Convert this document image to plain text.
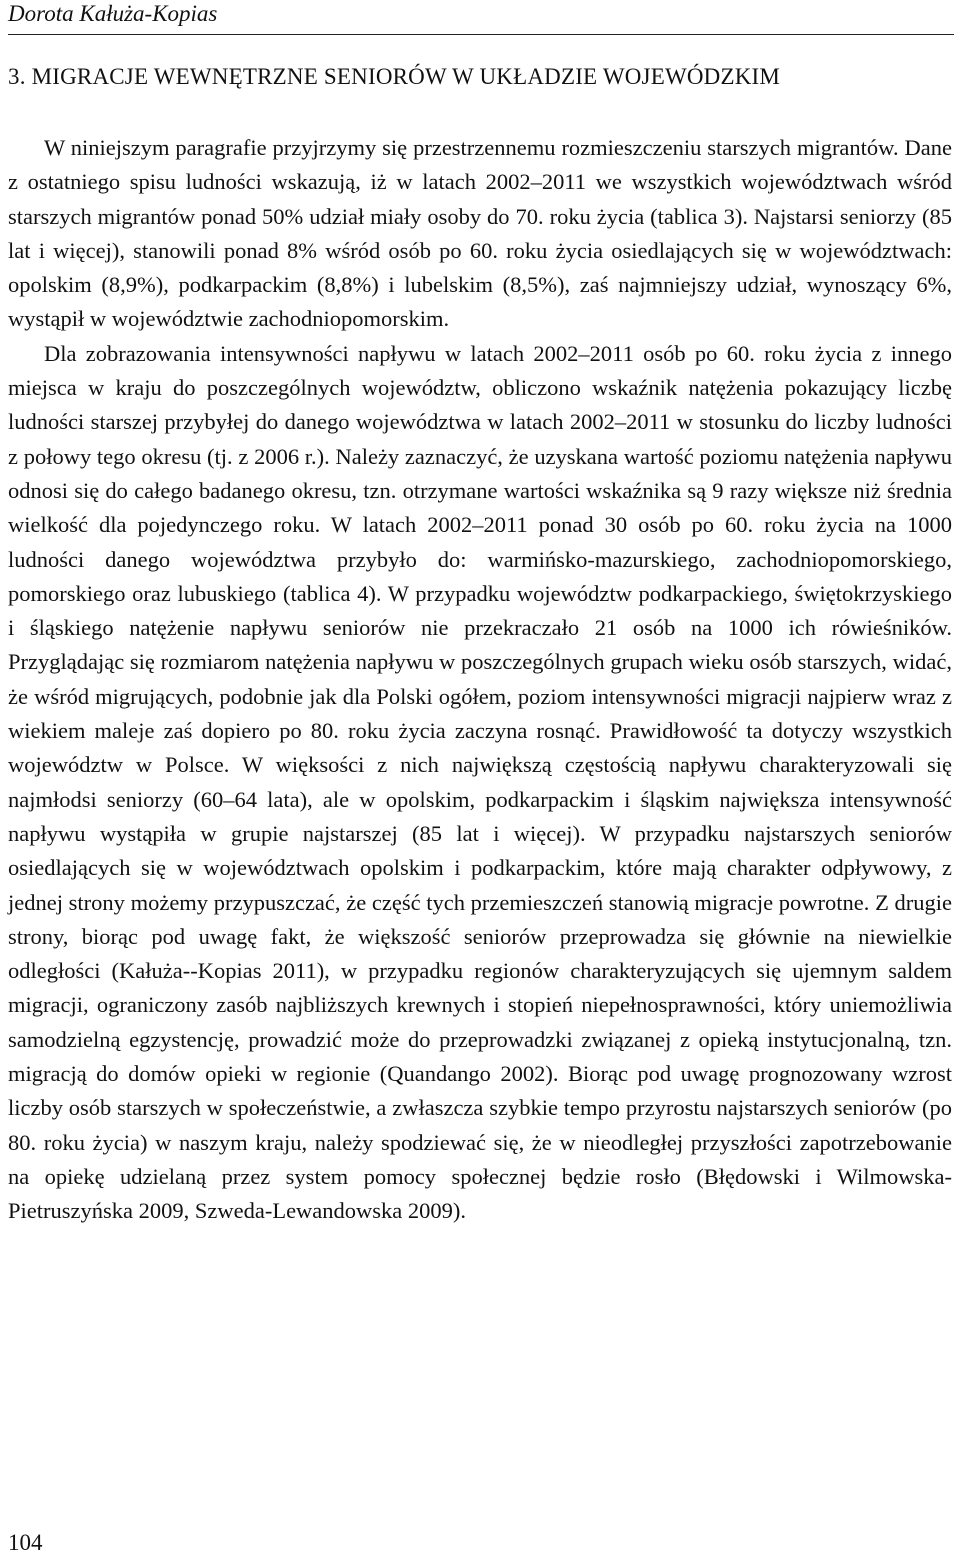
Dorota Kałuża-Kopias
3. MIGRACJE WEWNĘTRZNE SENIORÓW W UKŁADZIE WOJEWÓDZKIM

W niniejszym paragrafie przyjrzymy się przestrzennemu rozmieszczeniu starszych migrantów. Dane z ostatniego spisu ludności wskazują, iż w latach 2002–2011 we wszystkich województwach wśród starszych migrantów ponad 50% udział miały osoby do 70. roku życia (tablica 3). Najstarsi seniorzy (85 lat i więcej), stanowili ponad 8% wśród osób po 60. roku życia osiedlających się w województwach: opolskim (8,9%), podkarpackim (8,8%) i lubelskim (8,5%), zaś najmniejszy udział, wynoszący 6%, wystąpił w województwie zachodniopomorskim.

Dla zobrazowania intensywności napływu w latach 2002–2011 osób po 60. roku życia z innego miejsca w kraju do poszczególnych województw, obliczono wskaźnik natężenia pokazujący liczbę ludności starszej przybyłej do danego województwa w latach 2002–2011 w stosunku do liczby ludności z połowy tego okresu (tj. z 2006 r.). Należy zaznaczyć, że uzyskana wartość poziomu natężenia napływu odnosi się do całego badanego okresu, tzn. otrzymane wartości wskaźnika są 9 razy większe niż średnia wielkość dla pojedynczego roku. W latach 2002–2011 ponad 30 osób po 60. roku życia na 1000 ludności danego województwa przybyło do: warmińsko-mazurskiego, zachodniopomorskiego, pomorskiego oraz lubuskiego (tablica 4). W przypadku województw podkarpackiego, świętokrzyskiego i śląskiego natężenie napływu seniorów nie przekraczało 21 osób na 1000 ich rówieśników. Przyglądając się rozmiarom natężenia napływu w poszczególnych grupach wieku osób starszych, widać, że wśród migrujących, podobnie jak dla Polski ogółem, poziom intensywności migracji najpierw wraz z wiekiem maleje zaś dopiero po 80. roku życia zaczyna rosnąć. Prawidłowość ta dotyczy wszystkich województw w Polsce. W więksości z nich największą częstością napływu charakteryzowali się najmłodsi seniorzy (60–64 lata), ale w opolskim, podkarpackim i śląskim największa intensywność napływu wystąpiła w grupie najstarszej (85 lat i więcej). W przypadku najstarszych seniorów osiedlających się w województwach opolskim i podkarpackim, które mają charakter odpływowy, z jednej strony możemy przypuszczać, że część tych przemieszczeń stanowią migracje powrotne. Z drugie strony, biorąc pod uwagę fakt, że większość seniorów przeprowadza się głównie na niewielkie odległości (Kałuża-‑Kopias 2011), w przypadku regionów charakteryzujących się ujemnym saldem migracji, ograniczony zasób najbliższych krewnych i stopień niepełnosprawności, który uniemożliwia samodzielną egzystencję, prowadzić może do przeprowadzki związanej z opieką instytucjonalną, tzn. migracją do domów opieki w regionie (Quandango 2002). Biorąc pod uwagę prognozowany wzrost liczby osób starszych w społeczeństwie, a zwłaszcza szybkie tempo przyrostu najstarszych seniorów (po 80. roku życia) w naszym kraju, należy spodziewać się, że w nieodległej przyszłości zapotrzebowanie na opiekę udzielaną przez system pomocy społecznej będzie rosło (Błędowski i Wilmowska-Pietruszyńska 2009, Szweda-Lewandowska 2009).

104
